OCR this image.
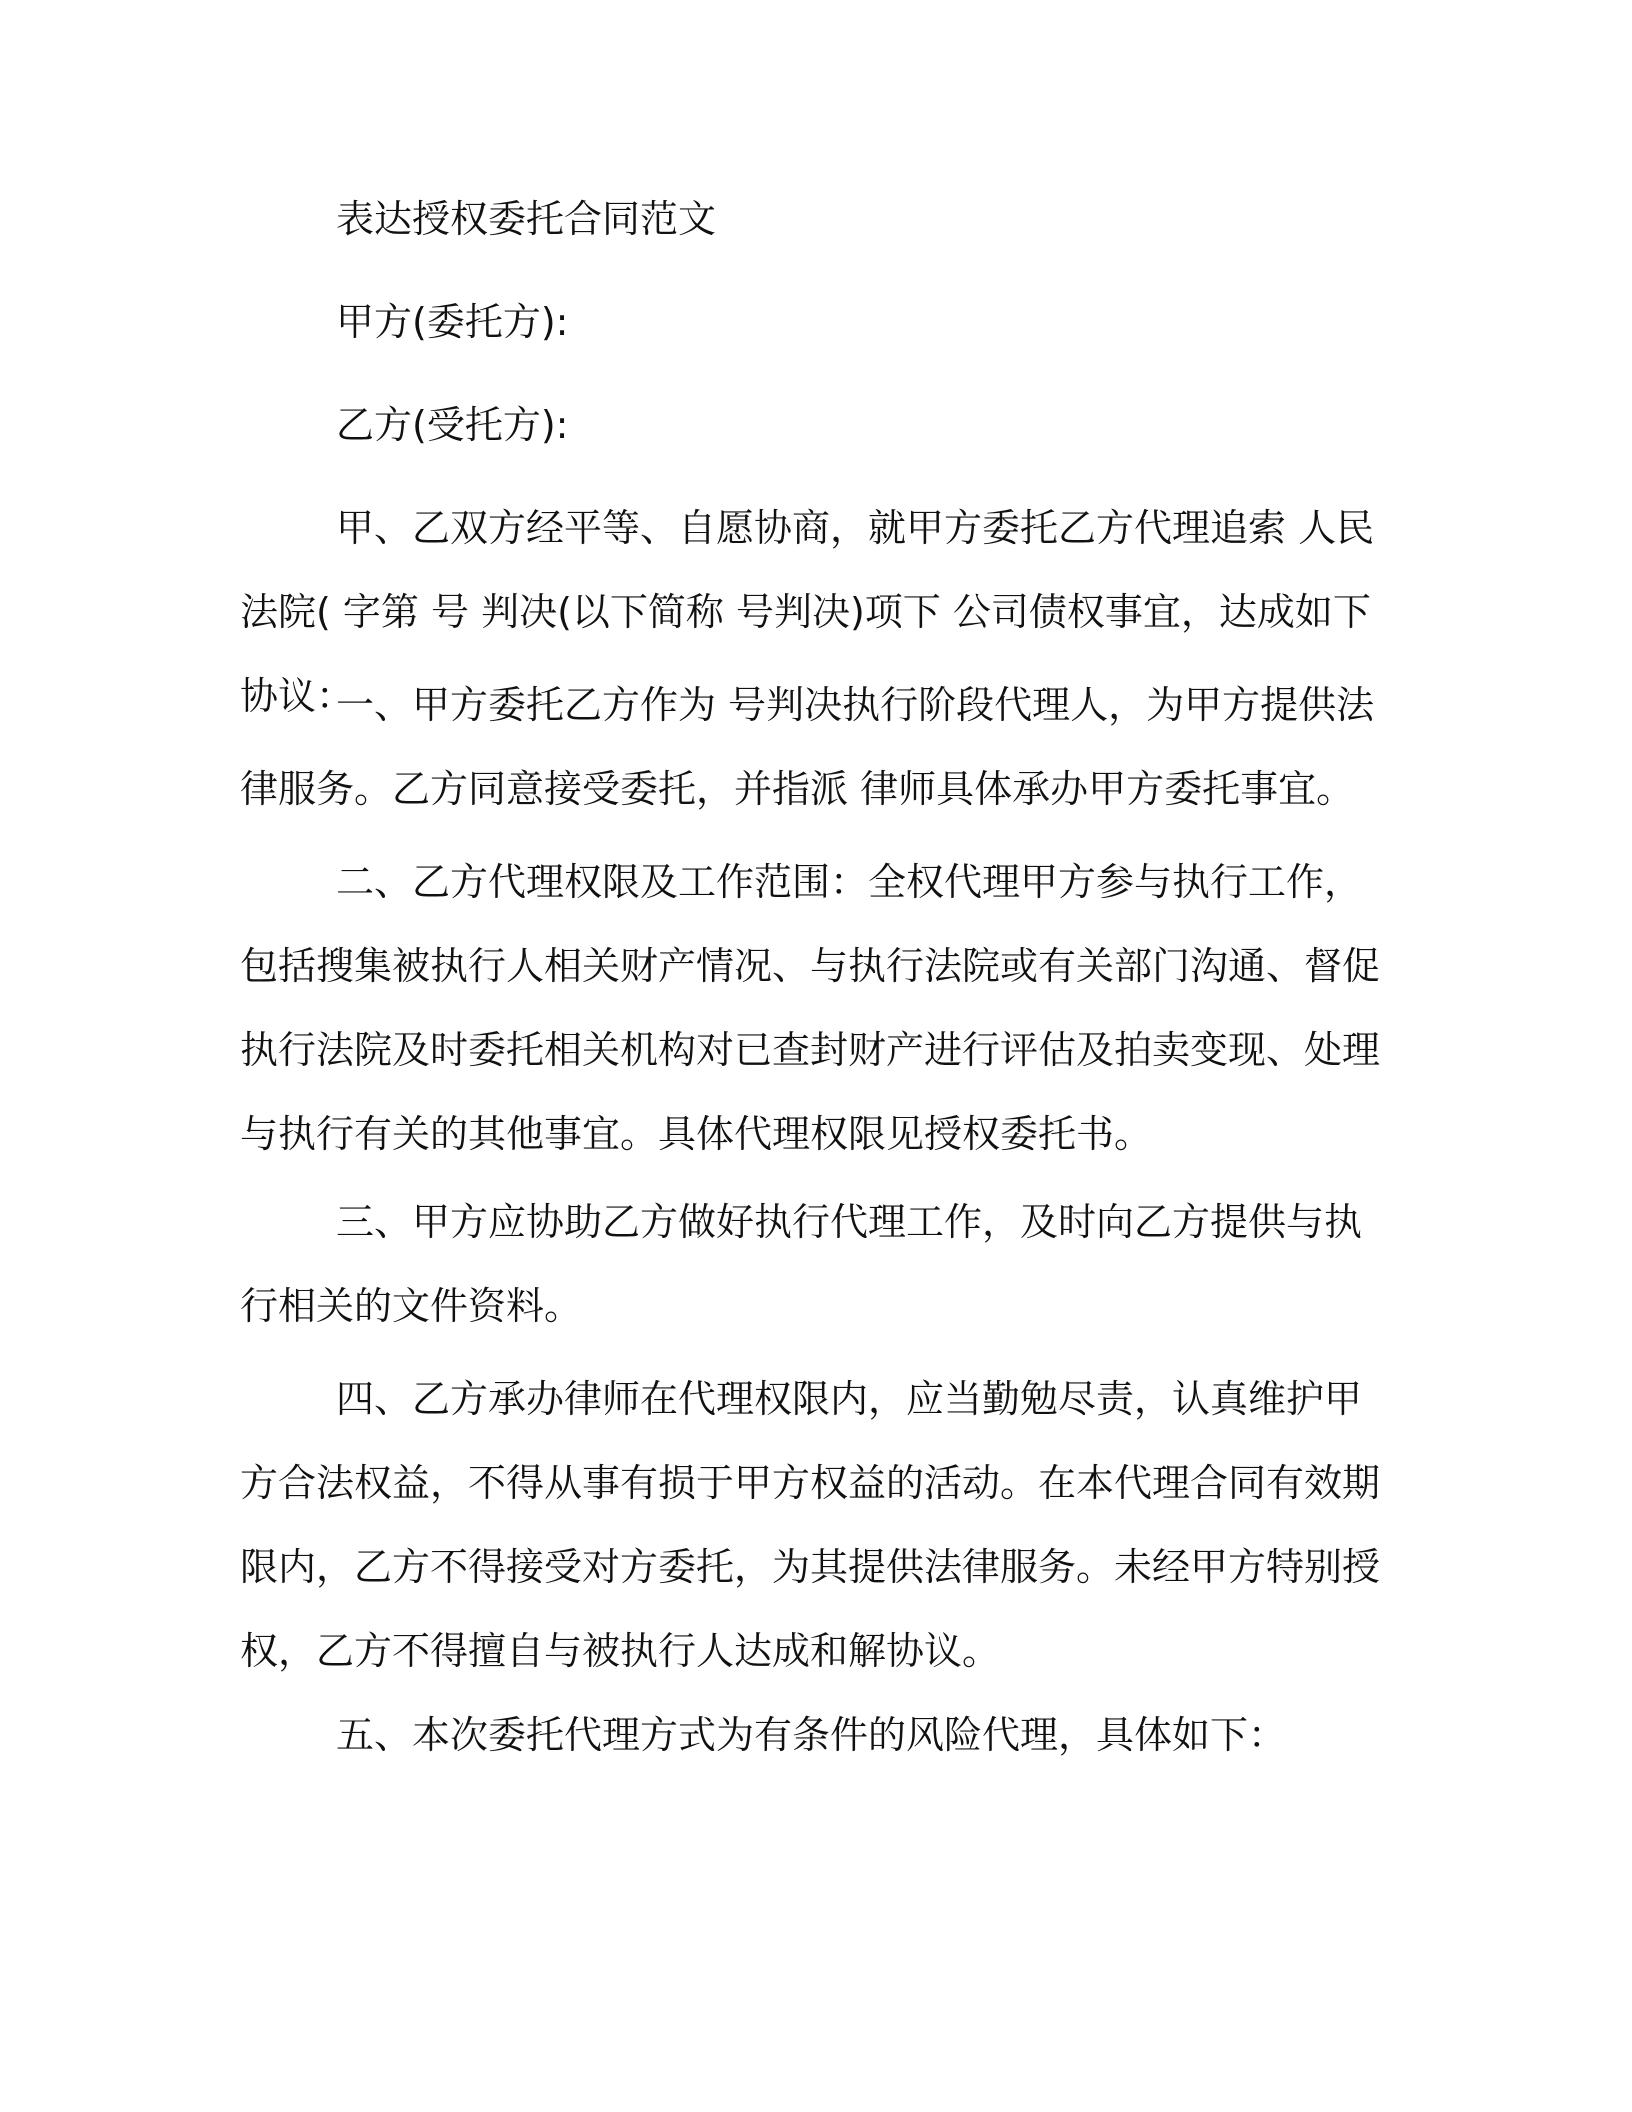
表达授权委托合同范文

甲方(委托方):

乙方(受托方):

甲、乙双方经平等、自愿协商，就甲方委托乙方代理追索 人民法院( 字第 号 判决(以下简称 号判决)项下 公司债权事宜，达成如下协议：

一、甲方委托乙方作为 号判决执行阶段代理人，为甲方提供法律服务。乙方同意接受委托，并指派 律师具体承办甲方委托事宜。

二、乙方代理权限及工作范围：全权代理甲方参与执行工作，包括搜集被执行人相关财产情况、与执行法院或有关部门沟通、督促执行法院及时委托相关机构对已查封财产进行评估及拍卖变现、处理与执行有关的其他事宜。具体代理权限见授权委托书。

三、甲方应协助乙方做好执行代理工作，及时向乙方提供与执行相关的文件资料。

四、乙方承办律师在代理权限内，应当勤勉尽责，认真维护甲方合法权益，不得从事有损于甲方权益的活动。在本代理合同有效期限内，乙方不得接受对方委托，为其提供法律服务。未经甲方特别授权，乙方不得擅自与被执行人达成和解协议。

五、本次委托代理方式为有条件的风险代理，具体如下：
